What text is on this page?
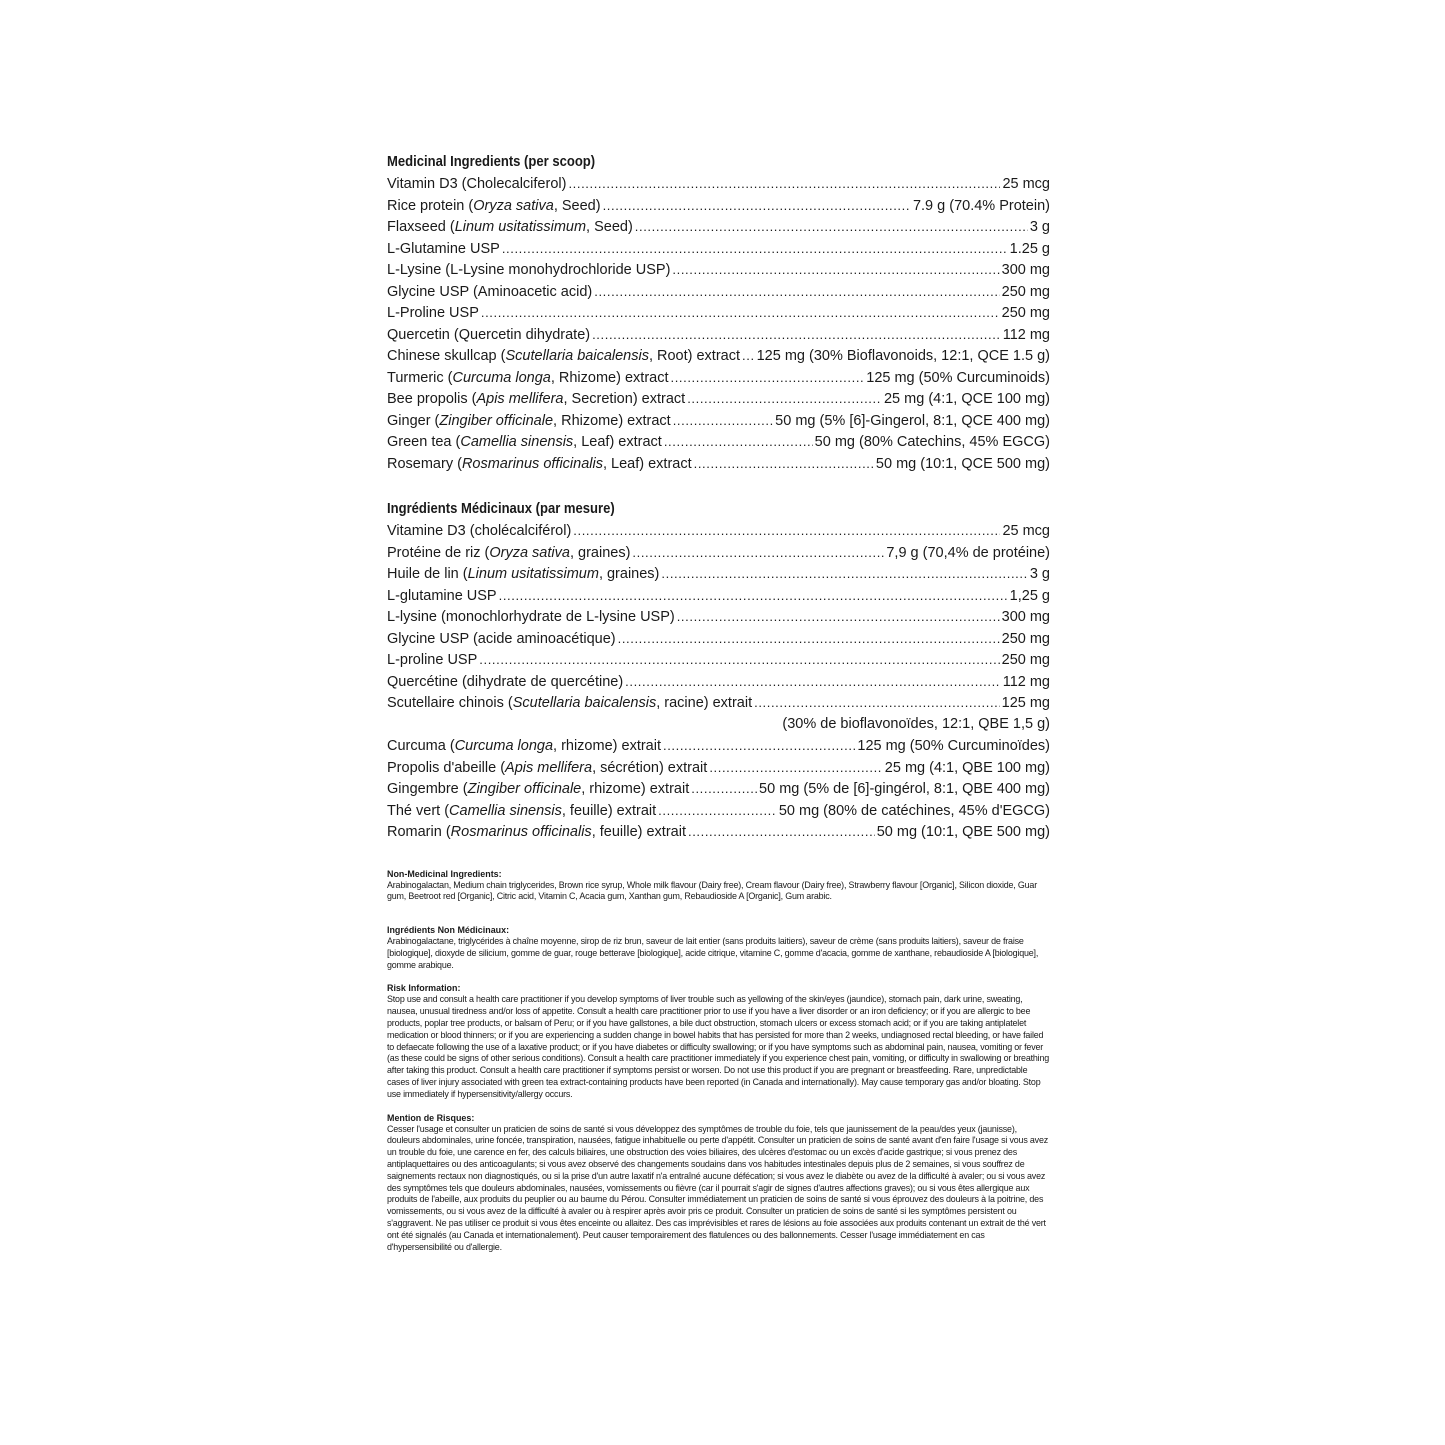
Medicinal Ingredients (per scoop)
Vitamin D3 (Cholecalciferol) .....	25 mcg
Rice protein (Oryza sativa, Seed) .....	7.9 g (70.4% Protein)
Flaxseed (Linum usitatissimum, Seed) .....	3 g
L-Glutamine USP .....	1.25 g
L-Lysine (L-Lysine monohydrochloride USP) .....	300 mg
Glycine USP (Aminoacetic acid) .....	250 mg
L-Proline USP .....	250 mg
Quercetin (Quercetin dihydrate) .....	112 mg
Chinese skullcap (Scutellaria baicalensis, Root) extract ..... 125 mg (30% Bioflavonoids, 12:1, QCE 1.5 g)
Turmeric (Curcuma longa, Rhizome) extract .....	125 mg (50% Curcuminoids)
Bee propolis (Apis mellifera, Secretion) extract .....	25 mg (4:1, QCE 100 mg)
Ginger (Zingiber officinale, Rhizome) extract .....	50 mg (5% [6]-Gingerol, 8:1, QCE 400 mg)
Green tea (Camellia sinensis, Leaf) extract .....	50 mg (80% Catechins, 45% EGCG)
Rosemary (Rosmarinus officinalis, Leaf) extract .....	50 mg (10:1, QCE 500 mg)
Ingrédients Médicinaux (par mesure)
Vitamine D3 (cholécalciférol) .....	25 mcg
Protéine de riz (Oryza sativa, graines) .....	7,9 g (70,4% de protéine)
Huile de lin (Linum usitatissimum, graines) .....	3 g
L-glutamine USP .....	1,25 g
L-lysine (monochlorhydrate de L-lysine USP) .....	300 mg
Glycine USP (acide aminoacétique) .....	250 mg
L-proline USP .....	250 mg
Quercétine (dihydrate de quercétine) .....	112 mg
Scutellaire chinois (Scutellaria baicalensis, racine) extrait .....	125 mg
(30% de bioflavonoïdes, 12:1, QBE 1,5 g)
Curcuma (Curcuma longa, rhizome) extrait .....	125 mg (50% Curcuminoïdes)
Propolis d'abeille (Apis mellifera, sécrétion) extrait .....	25 mg (4:1, QBE 100 mg)
Gingembre (Zingiber officinale, rhizome) extrait .....	50 mg (5% de [6]-gingérol, 8:1, QBE 400 mg)
Thé vert (Camellia sinensis, feuille) extrait .....	50 mg (80% de catéchines, 45% d'EGCG)
Romarin (Rosmarinus officinalis, feuille) extrait .....	50 mg (10:1, QBE 500 mg)
Non-Medicinal Ingredients:
Arabinogalactan, Medium chain triglycerides, Brown rice syrup, Whole milk flavour (Dairy free), Cream flavour (Dairy free), Strawberry flavour [Organic], Silicon dioxide, Guar gum, Beetroot red [Organic], Citric acid, Vitamin C, Acacia gum, Xanthan gum, Rebaudioside A [Organic], Gum arabic.
Ingrédients Non Médicinaux:
Arabinogalactane, triglycérides à chaîne moyenne, sirop de riz brun, saveur de lait entier (sans produits laitiers), saveur de crème (sans produits laitiers), saveur de fraise [biologique], dioxyde de silicium, gomme de guar, rouge betterave [biologique], acide citrique, vitamine C, gomme d'acacia, gomme de xanthane, rebaudioside A [biologique], gomme arabique.
Risk Information:
Stop use and consult a health care practitioner if you develop symptoms of liver trouble such as yellowing of the skin/eyes (jaundice), stomach pain, dark urine, sweating, nausea, unusual tiredness and/or loss of appetite. Consult a health care practitioner prior to use if you have a liver disorder or an iron deficiency; or if you are allergic to bee products, poplar tree products, or balsam of Peru; or if you have gallstones, a bile duct obstruction, stomach ulcers or excess stomach acid; or if you are taking antiplatelet medication or blood thinners; or if you are experiencing a sudden change in bowel habits that has persisted for more than 2 weeks, undiagnosed rectal bleeding, or have failed to defaecate following the use of a laxative product; or if you have diabetes or difficulty swallowing; or if you have symptoms such as abdominal pain, nausea, vomiting or fever (as these could be signs of other serious conditions). Consult a health care practitioner immediately if you experience chest pain, vomiting, or difficulty in swallowing or breathing after taking this product. Consult a health care practitioner if symptoms persist or worsen. Do not use this product if you are pregnant or breastfeeding. Rare, unpredictable cases of liver injury associated with green tea extract-containing products have been reported (in Canada and internationally). May cause temporary gas and/or bloating. Stop use immediately if hypersensitivity/allergy occurs.
Mention de Risques:
Cesser l'usage et consulter un praticien de soins de santé si vous développez des symptômes de trouble du foie, tels que jaunissement de la peau/des yeux (jaunisse), douleurs abdominales, urine foncée, transpiration, nausées, fatigue inhabituelle ou perte d'appétit. Consulter un praticien de soins de santé avant d'en faire l'usage si vous avez un trouble du foie, une carence en fer, des calculs biliaires, une obstruction des voies biliaires, des ulcères d'estomac ou un excès d'acide gastrique; si vous prenez des antiplaquettaires ou des anticoagulants; si vous avez observé des changements soudains dans vos habitudes intestinales depuis plus de 2 semaines, si vous souffrez de saignements rectaux non diagnostiqués, ou si la prise d'un autre laxatif n'a entraîné aucune défécation; si vous avez le diabète ou avez de la difficulté à avaler; ou si vous avez des symptômes tels que douleurs abdominales, nausées, vomissements ou fièvre (car il pourrait s'agir de signes d'autres affections graves); ou si vous êtes allergique aux produits de l'abeille, aux produits du peuplier ou au baume du Pérou. Consulter immédiatement un praticien de soins de santé si vous éprouvez des douleurs à la poitrine, des vomissements, ou si vous avez de la difficulté à avaler ou à respirer après avoir pris ce produit. Consulter un praticien de soins de santé si les symptômes persistent ou s'aggravent. Ne pas utiliser ce produit si vous êtes enceinte ou allaitez. Des cas imprévisibles et rares de lésions au foie associées aux produits contenant un extrait de thé vert ont été signalés (au Canada et internationalement). Peut causer temporairement des flatulences ou des ballonnements. Cesser l'usage immédiatement en cas d'hypersensibilité ou d'allergie.
